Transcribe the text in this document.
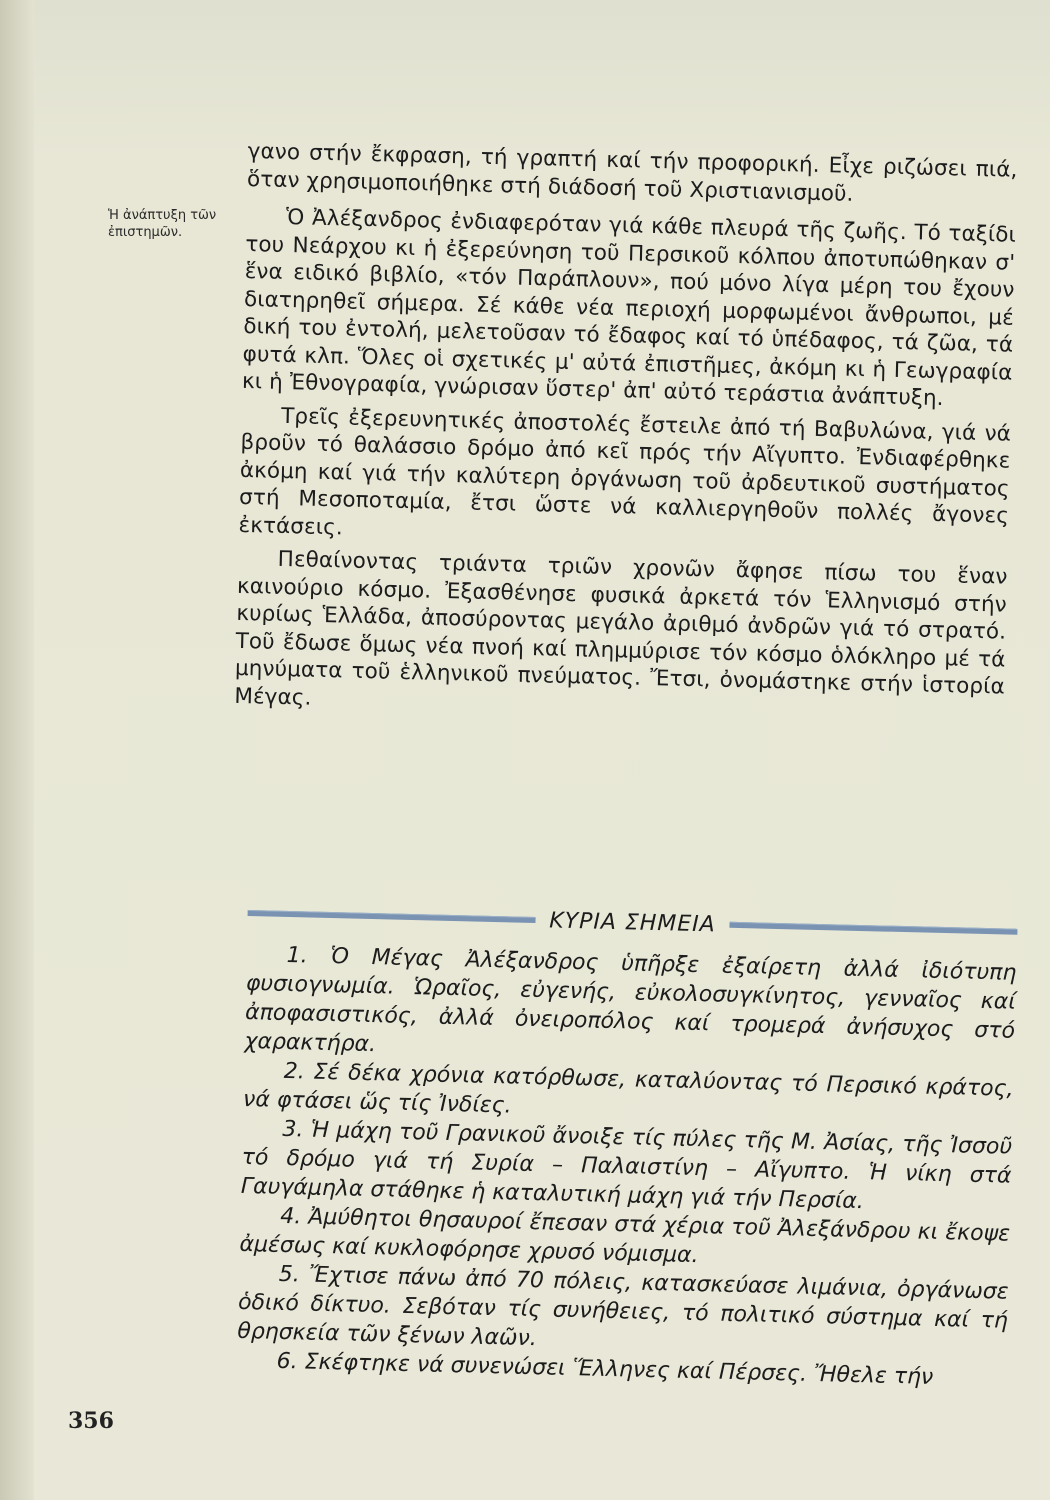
Ἡ ἀνάπτυξη τῶν ἐπιστημῶν.

γανο στήν ἔκφραση, τή γραπτή καί τήν προφορική. Εἶχε ριζώσει πιά, ὅταν χρησιμοποιήθηκε στή διάδοσή τοῦ Χριστιανισμοῦ.

Ὁ Ἀλέξανδρος ἐνδιαφερόταν γιά κάθε πλευρά τῆς ζωῆς. Τό ταξίδι του Νεάρχου κι ἡ ἐξερεύνηση τοῦ Περσικοῦ κόλπου ἀποτυπώθηκαν σ' ἕνα ειδικό βιβλίο, «τόν Παράπλουν», πού μόνο λίγα μέρη του ἔχουν διατηρηθεῖ σήμερα. Σέ κάθε νέα περιοχή μορφωμένοι ἄνθρωποι, μέ δική του ἐντολή, μελετοῦσαν τό ἔδαφος καί τό ὑπέδαφος, τά ζῶα, τά φυτά κλπ. Ὅλες οἱ σχετικές μ' αὐτά ἐπιστῆμες, ἀκόμη κι ἡ Γεωγραφία κι ἡ Ἐθνογραφία, γνώρισαν ὕστερ' ἀπ' αὐτό τεράστια ἀνάπτυξη.

Τρεῖς ἐξερευνητικές ἀποστολές ἔστειλε ἀπό τή Βαβυλώνα, γιά νά βροῦν τό θαλάσσιο δρόμο ἀπό κεῖ πρός τήν Αἴγυπτο. Ἐνδιαφέρθηκε ἀκόμη καί γιά τήν καλύτερη ὀργάνωση τοῦ ἀρδευτικοῦ συστήματος στή Μεσοποταμία, ἔτσι ὥστε νά καλλιεργηθοῦν πολλές ἄγονες ἐκτάσεις.

Πεθαίνοντας τριάντα τριῶν χρονῶν ἄφησε πίσω του ἕναν καινούριο κόσμο. Ἐξασθένησε φυσικά ἀρκετά τόν Ἑλληνισμό στήν κυρίως Ἑλλάδα, ἀποσύροντας μεγάλο ἀριθμό ἀνδρῶν γιά τό στρατό. Τοῦ ἔδωσε ὅμως νέα πνοή καί πλημμύρισε τόν κόσμο ὁλόκληρο μέ τά μηνύματα τοῦ ἑλληνικοῦ πνεύματος. Ἔτσι, ὀνομάστηκε στήν ἱστορία Μέγας.

ΚΥΡΙΑ ΣΗΜΕΙΑ

1. Ὁ Μέγας Ἀλέξανδρος ὑπῆρξε ἐξαίρετη ἀλλά ἰδιότυπη φυσιογνωμία. Ὡραῖος, εὐγενής, εὐκολοσυγκίνητος, γενναῖος καί ἀποφασιστικός, ἀλλά ὀνειροπόλος καί τρομερά ἀνήσυχος στό χαρακτήρα.

2. Σέ δέκα χρόνια κατόρθωσε, καταλύοντας τό Περσικό κράτος, νά φτάσει ὥς τίς Ἰνδίες.

3. Ἡ μάχη τοῦ Γρανικοῦ ἄνοιξε τίς πύλες τῆς Μ. Ἀσίας, τῆς Ἰσσοῦ τό δρόμο γιά τή Συρία – Παλαιστίνη – Αἴγυπτο. Ἡ νίκη στά Γαυγάμηλα στάθηκε ἡ καταλυτική μάχη γιά τήν Περσία.

4. Ἀμύθητοι θησαυροί ἔπεσαν στά χέρια τοῦ Ἀλεξάνδρου κι ἔκοψε ἀμέσως καί κυκλοφόρησε χρυσό νόμισμα.

5. Ἔχτισε πάνω ἀπό 70 πόλεις, κατασκεύασε λιμάνια, ὀργάνωσε ὁδικό δίκτυο. Σεβόταν τίς συνήθειες, τό πολιτικό σύστημα καί τή θρησκεία τῶν ξένων λαῶν.

6. Σκέφτηκε νά συνενώσει Ἕλληνες καί Πέρσες. Ἤθελε τήν

356
